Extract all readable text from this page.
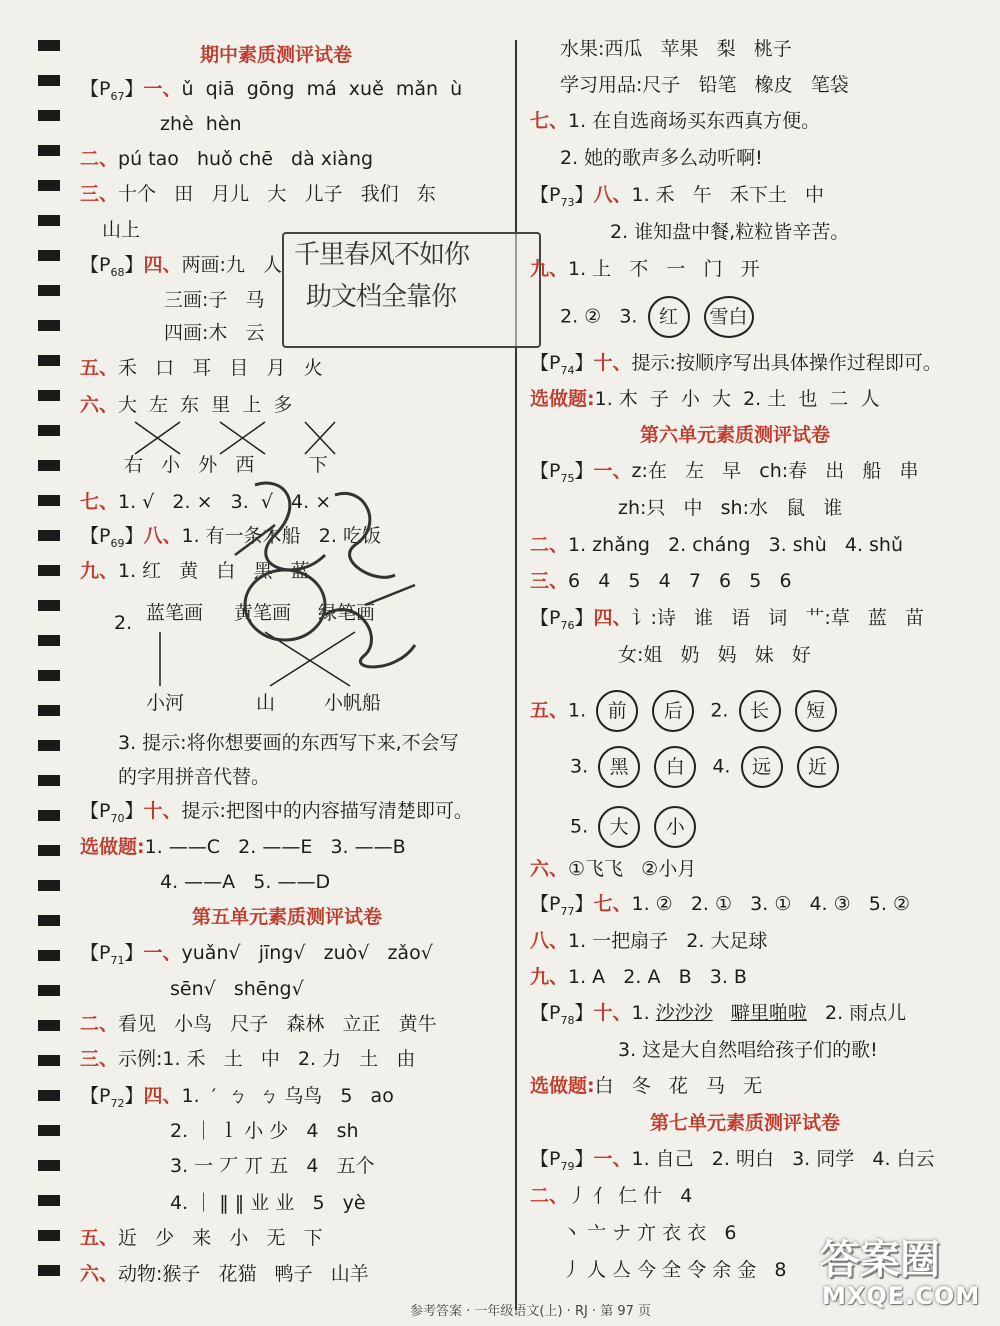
期中素质测评试卷
【$P_{67}$】一、ǔ  qiā  gōng  má  xuě  mǎn  ù
zhè  hèn
二、pú tao   huǒ chē   dà xiàng
三、十个   田   月儿   大   儿子   我们   东
山上
【$P_{68}$】四、两画:九   人
三画:子   马
四画:木   云
五、禾   口   耳   目   月   火
六、大  左  东  里  上  多
右   小   外   西         下
七、1. √   2. ×   3.  √   4. ×
【$P_{69}$】八、1. 有一条木船   2. 吃饭
九、1. 红   黄   白   黑   蓝
2. 蓝笔画 黄笔画 绿笔画
小河	山	小帆船
3. 提示:将你想要画的东西写下来,不会写
的字用拼音代替。
【$P_{70}$】十、提示:把图中的内容描写清楚即可。
选做题:1. ——C   2. ——E   3. ——B
4. ——A   5. ——D
第五单元素质测评试卷
【$P_{71}$】一、yuǎn√   jīng√   zuò√   zǎo√
sēn√   shēng√
二、看见   小鸟   尺子   森林   立正   黄牛
三、示例:1. 禾   土   中   2. 力   土   由
【$P_{72}$】四、1.  ′  ㄅ  ㄅ 乌鸟   5   ao
2. ｜ ｌ 小 少   4   sh
3. 一 丆 丌 五   4   五个
4. ｜ ‖ ‖ 业 业   5   yè
五、近   少   来   小   无   下
六、动物:猴子   花猫   鸭子   山羊
千里春风不如你
助文档全靠你
水果:西瓜   苹果   梨   桃子
学习用品:尺子   铅笔   橡皮   笔袋
七、1. 在自选商场买东西真方便。
2. 她的歌声多么动听啊!
【$P_{73}$】八、1. 禾   午   禾下土   中
2. 谁知盘中餐,粒粒皆辛苦。
九、1. 上   不   一   门   开
2. ②   3. 红 雪白
【$P_{74}$】十、提示:按顺序写出具体操作过程即可。
选做题:1. 木  子  小  大  2. 土  也  二  人
第六单元素质测评试卷
【$P_{75}$】一、z:在   左   早   ch:春   出   船   串
zh:只   中   sh:水   鼠   谁
二、1. zhǎng   2. cháng   3. shù   4. shǔ
三、6   4   5   4   7   6   5   6
【$P_{76}$】四、讠:诗   谁   语   词   艹:草   蓝   苗
女:姐   奶   妈   妹   好
五、1. 前 后 2. 长 短
3. 黑 白 4. 远 近
5. 大 小
六、①飞飞   ②小月
【$P_{77}$】七、1. ②   2. ①   3. ①   4. ③   5. ②
八、1. 一把扇子   2. 大足球
九、1. A   2. A   B   3. B
【$P_{78}$】十、1. 沙沙沙 噼里啪啦 2. 雨点儿
3. 这是大自然唱给孩子们的歌!
选做题:白   冬   花   马   无
第七单元素质测评试卷
【$P_{79}$】一、1. 自己   2. 明白   3. 同学   4. 白云
二、丿 亻 仁 什   4
丶 亠 ナ 亣 衣 衣   6
丿 人 亼 今 全 令 余 金   8
参考答案 · 一年级语文(上) · RJ · 第 97 页
答案圈
MXQE.COM
